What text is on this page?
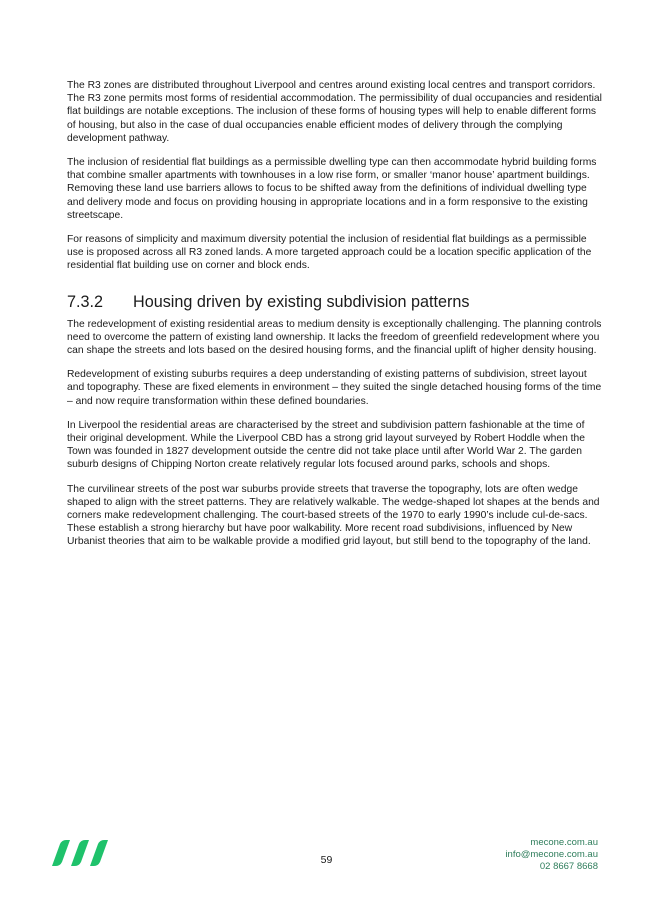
The R3 zones are distributed throughout Liverpool and centres around existing local centres and transport corridors. The R3 zone permits most forms of residential accommodation. The permissibility of dual occupancies and residential flat buildings are notable exceptions. The inclusion of these forms of housing types will help to enable different forms of housing, but also in the case of dual occupancies enable efficient modes of delivery through the complying development pathway.

The inclusion of residential flat buildings as a permissible dwelling type can then accommodate hybrid building forms that combine smaller apartments with townhouses in a low rise form, or smaller ‘manor house’ apartment buildings. Removing these land use barriers allows to focus to be shifted away from the definitions of individual dwelling type and delivery mode and focus on providing housing in appropriate locations and in a form responsive to the existing streetscape.

For reasons of simplicity and maximum diversity potential the inclusion of residential flat buildings as a permissible use is proposed across all R3 zoned lands. A more targeted approach could be a location specific application of the residential flat building use on corner and block ends.

7.3.2	Housing driven by existing subdivision patterns

The redevelopment of existing residential areas to medium density is exceptionally challenging. The planning controls need to overcome the pattern of existing land ownership. It lacks the freedom of greenfield redevelopment where you can shape the streets and lots based on the desired housing forms, and the financial uplift of higher density housing.

Redevelopment of existing suburbs requires a deep understanding of existing patterns of subdivision, street layout and topography. These are fixed elements in environment – they suited the single detached housing forms of the time – and now require transformation within these defined boundaries.

In Liverpool the residential areas are characterised by the street and subdivision pattern fashionable at the time of their original development. While the Liverpool CBD has a strong grid layout surveyed by Robert Hoddle when the Town was founded in 1827 development outside the centre did not take place until after World War 2. The garden suburb designs of Chipping Norton create relatively regular lots focused around parks, schools and shops.

The curvilinear streets of the post war suburbs provide streets that traverse the topography, lots are often wedge shaped to align with the street patterns. They are relatively walkable. The wedge-shaped lot shapes at the bends and corners make redevelopment challenging. The court-based streets of the 1970 to early 1990’s include cul-de-sacs. These establish a strong hierarchy but have poor walkability. More recent road subdivisions, influenced by New Urbanist theories that aim to be walkable provide a modified grid layout, but still bend to the topography of the land.

59
mecone.com.au
info@mecone.com.au
02 8667 8668
